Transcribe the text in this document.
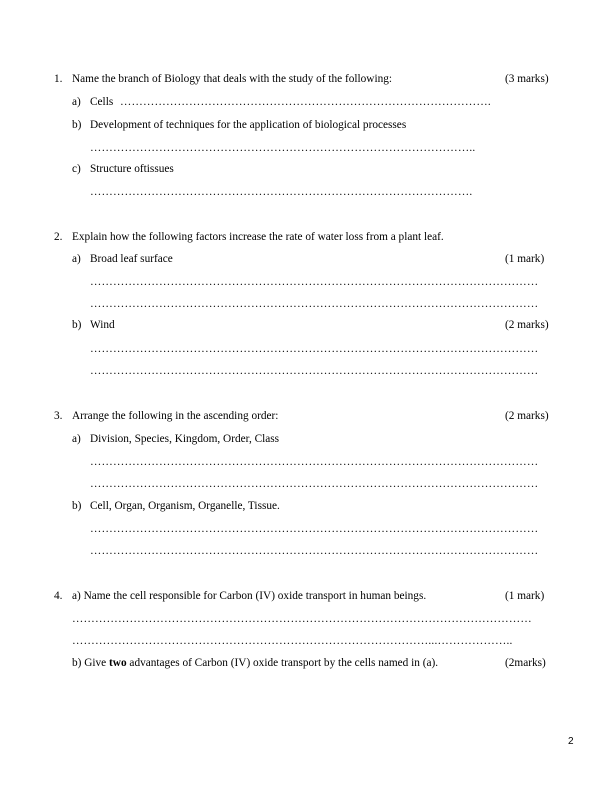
1. Name the branch of Biology that deals with the study of the following:	(3 marks)
a) Cells …………………………………………………………………………………….
b) Development of techniques for the application of biological processes
………………………………………………………………………………………..
c) Structure oftissues
……………………………………………………………………………………….
2. Explain how the following factors increase the rate of water loss from a plant leaf.
a) Broad leaf surface	(1 mark)
………………………………………………………………………………………………………
………………………………………………………………………………………………………
b) Wind	(2 marks)
………………………………………………………………………………………………………
………………………………………………………………………………………………………
3. Arrange the following in the ascending order:	(2 marks)
a) Division, Species, Kingdom, Order, Class
………………………………………………………………………………………………………
………………………………………………………………………………………………………
b) Cell, Organ, Organism, Organelle, Tissue.
………………………………………………………………………………………………………
………………………………………………………………………………………………………
4. a) Name the cell responsible for Carbon (IV) oxide transport in human beings.	(1 mark)
…………………………………………………………………………………………………………
…………………………………………………………………………………...………………..
b) Give two advantages of Carbon (IV) oxide transport by the cells named in (a).	(2marks)
2
